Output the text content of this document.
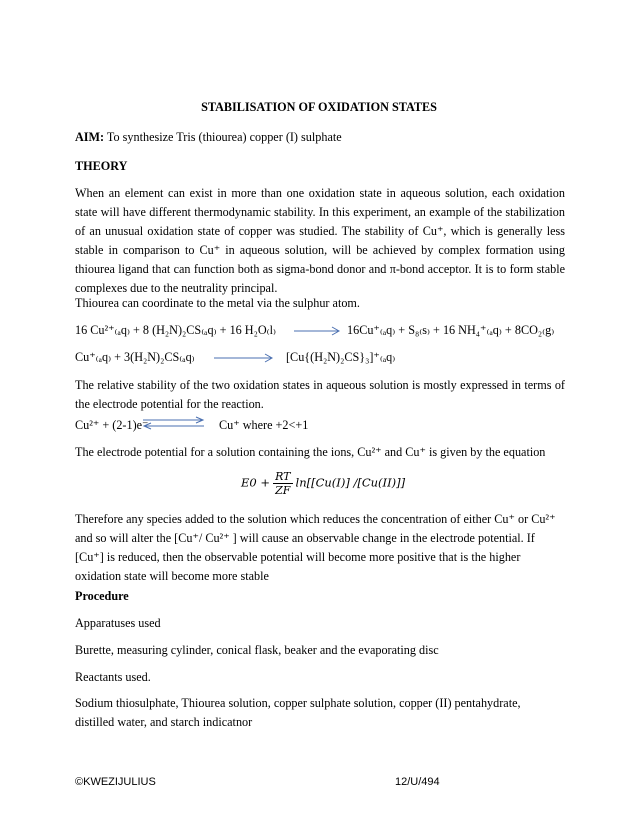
STABILISATION OF OXIDATION STATES

AIM: To synthesize Tris (thiourea) copper (I) sulphate

THEORY

When an element can exist in more than one oxidation state in aqueous solution, each oxidation state will have different thermodynamic stability. In this experiment, an example of the stabilization of an unusual oxidation state of copper was studied. The stability of Cu⁺, which is generally less stable in comparison to Cu⁺ in aqueous solution, will be achieved by complex formation using thiourea ligand that can function both as sigma-bond donor and π-bond acceptor. It is to form stable complexes due to the neutrality principal.

Thiourea can coordinate to the metal via the sulphur atom.

16 Cu²⁺₍ₐq₎ + 8 (H₂N)₂CS₍ₐq₎ + 16 H₂O₍l₎ → 16Cu⁺₍ₐq₎ + S₈₍s₎ + 16 NH₄⁺₍ₐq₎ + 8CO₂₍g₎
Cu⁺₍ₐq₎ + 3(H₂N)₂CS₍ₐq₎ → [Cu{(H₂N)₂CS}₃]⁺₍ₐq₎

The relative stability of the two oxidation states in aqueous solution is mostly expressed in terms of the electrode potential for the reaction.

Cu²⁺ + (2-1)e⁻ ⇌ Cu⁺ where +2<+1

The electrode potential for a solution containing the ions, Cu²⁺ and Cu⁺ is given by the equation

$E0 + \frac{RT}{ZF} \ln[[Cu(I)]$ /[Cu(II)]]

Therefore any species added to the solution which reduces the concentration of either Cu⁺ or Cu²⁺ and so will alter the [Cu⁺/ Cu²⁺ ] will cause an observable change in the electrode potential. If [Cu⁺] is reduced, then the observable potential will become more positive that is the higher oxidation state will become more stable

Procedure

Apparatuses used

Burette, measuring cylinder, conical flask, beaker and the evaporating disc

Reactants used.

Sodium thiosulphate, Thiourea solution, copper sulphate solution, copper (II) pentahydrate, distilled water, and starch indicatnor

©KWEZIJULIUS	12/U/494
